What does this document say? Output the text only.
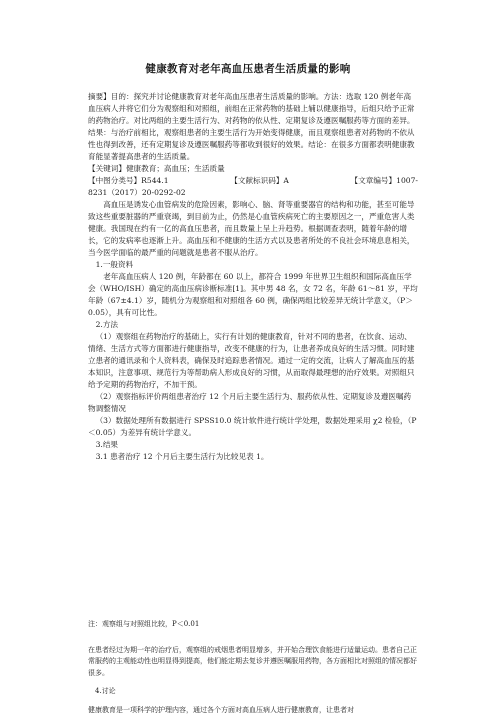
健康教育对老年高血压患者生活质量的影响

摘要】目的：探究并讨论健康教育对老年高血压患者生活质量的影响。方法：选取 120 例老年高血压病人并将它们分为观察组和对照组，前组在正常药物的基础上辅以健康指导，后组只给予正常的药物治疗。对比两组的主要生活行为、对药物的依从性、定期复诊及遵医嘱服药等方面的差异。结果：与治疗前相比，观察组患者的主要生活行为开始变得健康，而且观察组患者对药物的不依从性也得到改善，还有定期复诊及遵医嘱服药等都收到很好的效果。结论：在很多方面都表明健康教育能显著提高患者的生活质量。

【关键词】健康教育；高血压；生活质量

【中图分类号】R544.1	【文献标识码】A	【文章编号】1007-

8231（2017）20-0292-02

高血压是诱发心血管病发的危险因素，影响心、脑、肾等重要器官的结构和功能，甚至可能导致这些重要脏器的严重衰竭，到目前为止，仍然是心血管疾病死亡的主要原因之一，严重危害人类健康。我国现在约有一亿的高血压患者，而且数量上呈上升趋势。根据调查表明，随着年龄的增长，它的发病率也逐渐上升。高血压和不健康的生活方式以及患者所处的不良社会环境息息相关，当今医学面临的最严重的问题就是患者不服从治疗。

1.一般资料

老年高血压病人 120 例，年龄都在 60 以上，都符合 1999 年世界卫生组织和国际高血压学会（WHO/ISH）确定的高血压病诊断标准[1]。其中男 48 名，女 72 名，年龄 61～81 岁，平均年龄（67±4.1）岁，随机分为观察组和对照组各 60 例，确保两组比较差异无统计学意义，（P＞0.05），具有可比性。

2.方法

（1）观察组在药物治疗的基础上，实行有计划的健康教育，针对不同的患者，在饮食、运动、情绪、生活方式等方面都进行健康指导，改变不健康的行为，让患者养成良好的生活习惯。同时建立患者的通讯录和个人资料表，确保及时追踪患者情况。通过一定的交流，让病人了解高血压的基本知识，注意事项、规范行为等帮助病人形成良好的习惯，从而取得最理想的治疗效果。对照组只给予定期的药物治疗，不加干预。

（2）观察指标评价两组患者治疗 12 个月后主要生活行为、服药依从性、定期复诊及遵医嘱药物调整情况

（3）数据处理所有数据进行 SPSS10.0 统计软件进行统计学处理，数据处理采用 χ2 检验，（P＜0.05）为差异有统计学意义。

3.结果

3.1 患者治疗 12 个月后主要生活行为比较见表 1。

注：观察组与对照组比较，P＜0.01

在患者经过为期一年的治疗后，观察组的戒烟患者明显增多，并开始合理饮食能进行适量运动。患者自己正常服药的主观能动性也明显得到提高，他们能定期去复诊并遵医嘱服用药物，各方面相比对照组的情况都好很多。

4.讨论

健康教育是一项科学的护理内容，通过各个方面对高血压病人进行健康教育，让患者对
